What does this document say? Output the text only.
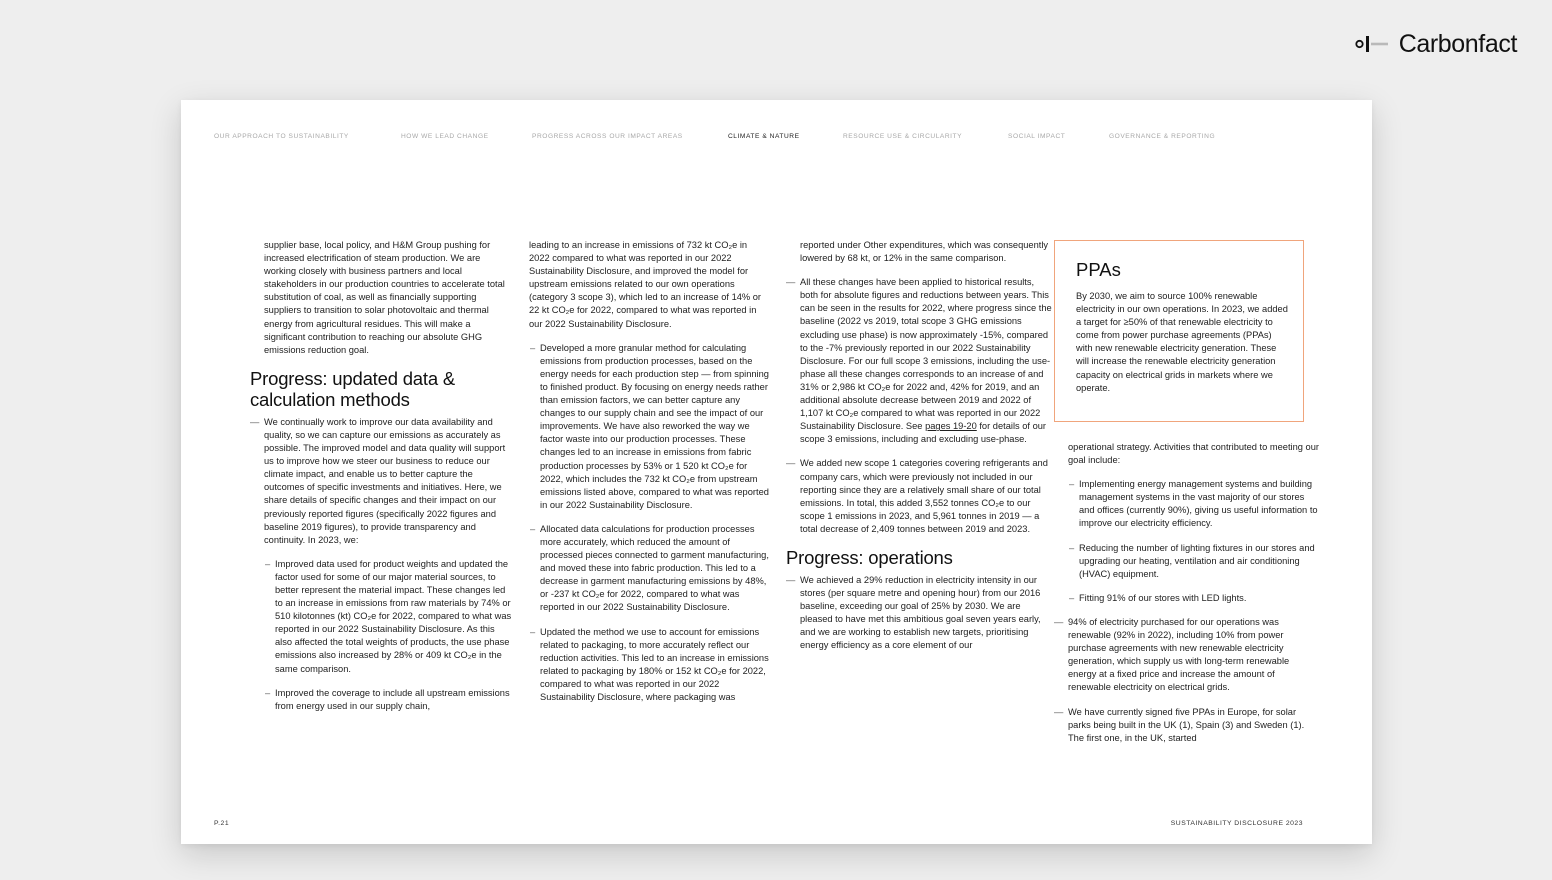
Carbonfact
OUR APPROACH TO SUSTAINABILITY	HOW WE LEAD CHANGE	PROGRESS ACROSS OUR IMPACT AREAS	CLIMATE & NATURE	RESOURCE USE & CIRCULARITY	SOCIAL IMPACT	GOVERNANCE & REPORTING

supplier base, local policy, and H&M Group pushing for increased electrification of steam production. We are working closely with business partners and local stakeholders in our production countries to accelerate total substitution of coal, as well as financially supporting suppliers to transition to solar photovoltaic and thermal energy from agricultural residues. This will make a significant contribution to reaching our absolute GHG emissions reduction goal.

Progress: updated data & calculation methods
— We continually work to improve our data availability and quality, so we can capture our emissions as accurately as possible. The improved model and data quality will support us to improve how we steer our business to reduce our climate impact, and enable us to better capture the outcomes of specific investments and initiatives. Here, we share details of specific changes and their impact on our previously reported figures (specifically 2022 figures and baseline 2019 figures), to provide transparency and continuity. In 2023, we:
– Improved data used for product weights and updated the factor used for some of our major material sources, to better represent the material impact. These changes led to an increase in emissions from raw materials by 74% or 510 kilotonnes (kt) CO₂e for 2022, compared to what was reported in our 2022 Sustainability Disclosure. As this also affected the total weights of products, the use phase emissions also increased by 28% or 409 kt CO₂e in the same comparison.
– Improved the coverage to include all upstream emissions from energy used in our supply chain,

leading to an increase in emissions of 732 kt CO₂e in 2022 compared to what was reported in our 2022 Sustainability Disclosure, and improved the model for upstream emissions related to our own operations (category 3 scope 3), which led to an increase of 14% or 22 kt CO₂e for 2022, compared to what was reported in our 2022 Sustainability Disclosure.

– Developed a more granular method for calculating emissions from production processes, based on the energy needs for each production step — from spinning to finished product. By focusing on energy needs rather than emission factors, we can better capture any changes to our supply chain and see the impact of our improvements. We have also reworked the way we factor waste into our production processes. These changes led to an increase in emissions from fabric production processes by 53% or 1 520 kt CO₂e for 2022, which includes the 732 kt CO₂e from upstream emissions listed above, compared to what was reported in our 2022 Sustainability Disclosure.
– Allocated data calculations for production processes more accurately, which reduced the amount of processed pieces connected to garment manufacturing, and moved these into fabric production. This led to a decrease in garment manufacturing emissions by 48%, or -237 kt CO₂e for 2022, compared to what was reported in our 2022 Sustainability Disclosure.
– Updated the method we use to account for emissions related to packaging, to more accurately reflect our reduction activities. This led to an increase in emissions related to packaging by 180% or 152 kt CO₂e for 2022, compared to what was reported in our 2022 Sustainability Disclosure, where packaging was

reported under Other expenditures, which was consequently lowered by 68 kt, or 12% in the same comparison.

— All these changes have been applied to historical results, both for absolute figures and reductions between years. This can be seen in the results for 2022, where progress since the baseline (2022 vs 2019, total scope 3 GHG emissions excluding use phase) is now approximately -15%, compared to the -7% previously reported in our 2022 Sustainability Disclosure. For our full scope 3 emissions, including the use-phase all these changes corresponds to an increase of and 31% or 2,986 kt CO₂e for 2022 and, 42% for 2019, and an additional absolute decrease between 2019 and 2022 of 1,107 kt CO₂e compared to what was reported in our 2022 Sustainability Disclosure. See pages 19-20 for details of our scope 3 emissions, including and excluding use-phase.
— We added new scope 1 categories covering refrigerants and company cars, which were previously not included in our reporting since they are a relatively small share of our total emissions. In total, this added 3,552 tonnes CO₂e to our scope 1 emissions in 2023, and 5,961 tonnes in 2019 — a total decrease of 2,409 tonnes between 2019 and 2023.
Progress: operations
— We achieved a 29% reduction in electricity intensity in our stores (per square metre and opening hour) from our 2016 baseline, exceeding our goal of 25% by 2030. We are pleased to have met this ambitious goal seven years early, and we are working to establish new targets, prioritising energy efficiency as a core element of our
PPAs
By 2030, we aim to source 100% renewable electricity in our own operations. In 2023, we added a target for ≥50% of that renewable electricity to come from power purchase agreements (PPAs) with new renewable electricity generation. These will increase the renewable electricity generation capacity on electrical grids in markets where we operate.

operational strategy. Activities that contributed to meeting our goal include:

– Implementing energy management systems and building management systems in the vast majority of our stores and offices (currently 90%), giving us useful information to improve our electricity efficiency.
– Reducing the number of lighting fixtures in our stores and upgrading our heating, ventilation and air conditioning (HVAC) equipment.
– Fitting 91% of our stores with LED lights.
— 94% of electricity purchased for our operations was renewable (92% in 2022), including 10% from power purchase agreements with new renewable electricity generation, which supply us with long-term renewable energy at a fixed price and increase the amount of renewable electricity on electrical grids.
— We have currently signed five PPAs in Europe, for solar parks being built in the UK (1), Spain (3) and Sweden (1). The first one, in the UK, started
P.21	SUSTAINABILITY DISCLOSURE 2023
